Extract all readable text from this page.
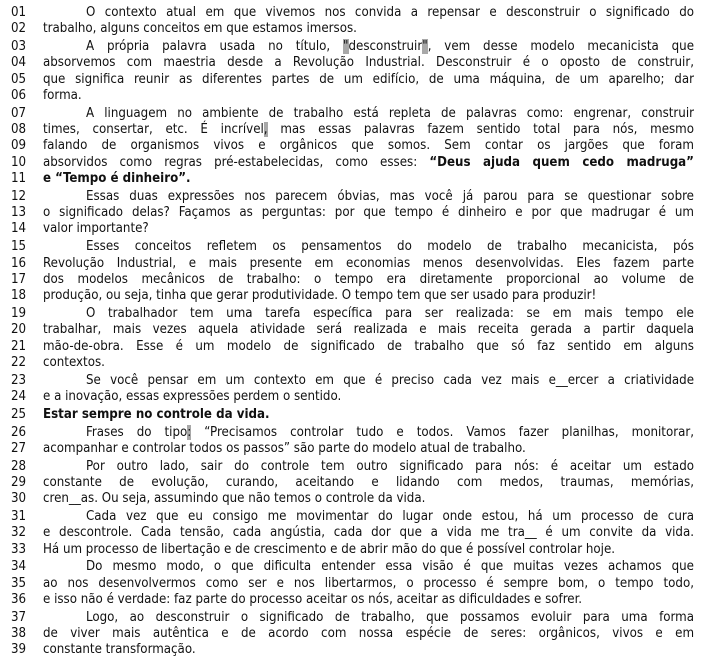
01	O contexto atual em que vivemos nos convida a repensar e desconstruir o significado do
02	trabalho, alguns conceitos em que estamos imersos.
03	A própria palavra usada no título, "desconstruir", vem desse modelo mecanicista que
04	absorvemos com maestria desde a Revolução Industrial. Desconstruir é o oposto de construir,
05	que significa reunir as diferentes partes de um edifício, de uma máquina, de um aparelho; dar
06	forma.
07	A linguagem no ambiente de trabalho está repleta de palavras como: engrenar, construir
08	times, consertar, etc. É incrível, mas essas palavras fazem sentido total para nós, mesmo
09	falando de organismos vivos e orgânicos que somos. Sem contar os jargões que foram
10	absorvidos como regras pré-estabelecidas, como esses: “Deus ajuda quem cedo madruga”
11	e “Tempo é dinheiro”.
12	Essas duas expressões nos parecem óbvias, mas você já parou para se questionar sobre
13	o significado delas? Façamos as perguntas: por que tempo é dinheiro e por que madrugar é um
14	valor importante?
15	Esses conceitos refletem os pensamentos do modelo de trabalho mecanicista, pós
16	Revolução Industrial, e mais presente em economias menos desenvolvidas. Eles fazem parte
17	dos modelos mecânicos de trabalho: o tempo era diretamente proporcional ao volume de
18	produção, ou seja, tinha que gerar produtividade. O tempo tem que ser usado para produzir!
19	O trabalhador tem uma tarefa específica para ser realizada: se em mais tempo ele
20	trabalhar, mais vezes aquela atividade será realizada e mais receita gerada a partir daquela
21	mão-de-obra. Esse é um modelo de significado de trabalho que só faz sentido em alguns
22	contextos.
23	Se você pensar em um contexto em que é preciso cada vez mais e__ercer a criatividade
24	e a inovação, essas expressões perdem o sentido.
25	Estar sempre no controle da vida.
26	Frases do tipo: “Precisamos controlar tudo e todos. Vamos fazer planilhas, monitorar,
27	acompanhar e controlar todos os passos” são parte do modelo atual de trabalho.
28	Por outro lado, sair do controle tem outro significado para nós: é aceitar um estado
29	constante de evolução, curando, aceitando e lidando com medos, traumas, memórias,
30	cren__as. Ou seja, assumindo que não temos o controle da vida.
31	Cada vez que eu consigo me movimentar do lugar onde estou, há um processo de cura
32	e descontrole. Cada tensão, cada angústia, cada dor que a vida me tra__ é um convite da vida.
33	Há um processo de libertação e de crescimento e de abrir mão do que é possível controlar hoje.
34	Do mesmo modo, o que dificulta entender essa visão é que muitas vezes achamos que
35	ao nos desenvolvermos como ser e nos libertarmos, o processo é sempre bom, o tempo todo,
36	e isso não é verdade: faz parte do processo aceitar os nós, aceitar as dificuldades e sofrer.
37	Logo, ao desconstruir o significado de trabalho, que possamos evoluir para uma forma
38	de viver mais autêntica e de acordo com nossa espécie de seres: orgânicos, vivos e em
39	constante transformação.
